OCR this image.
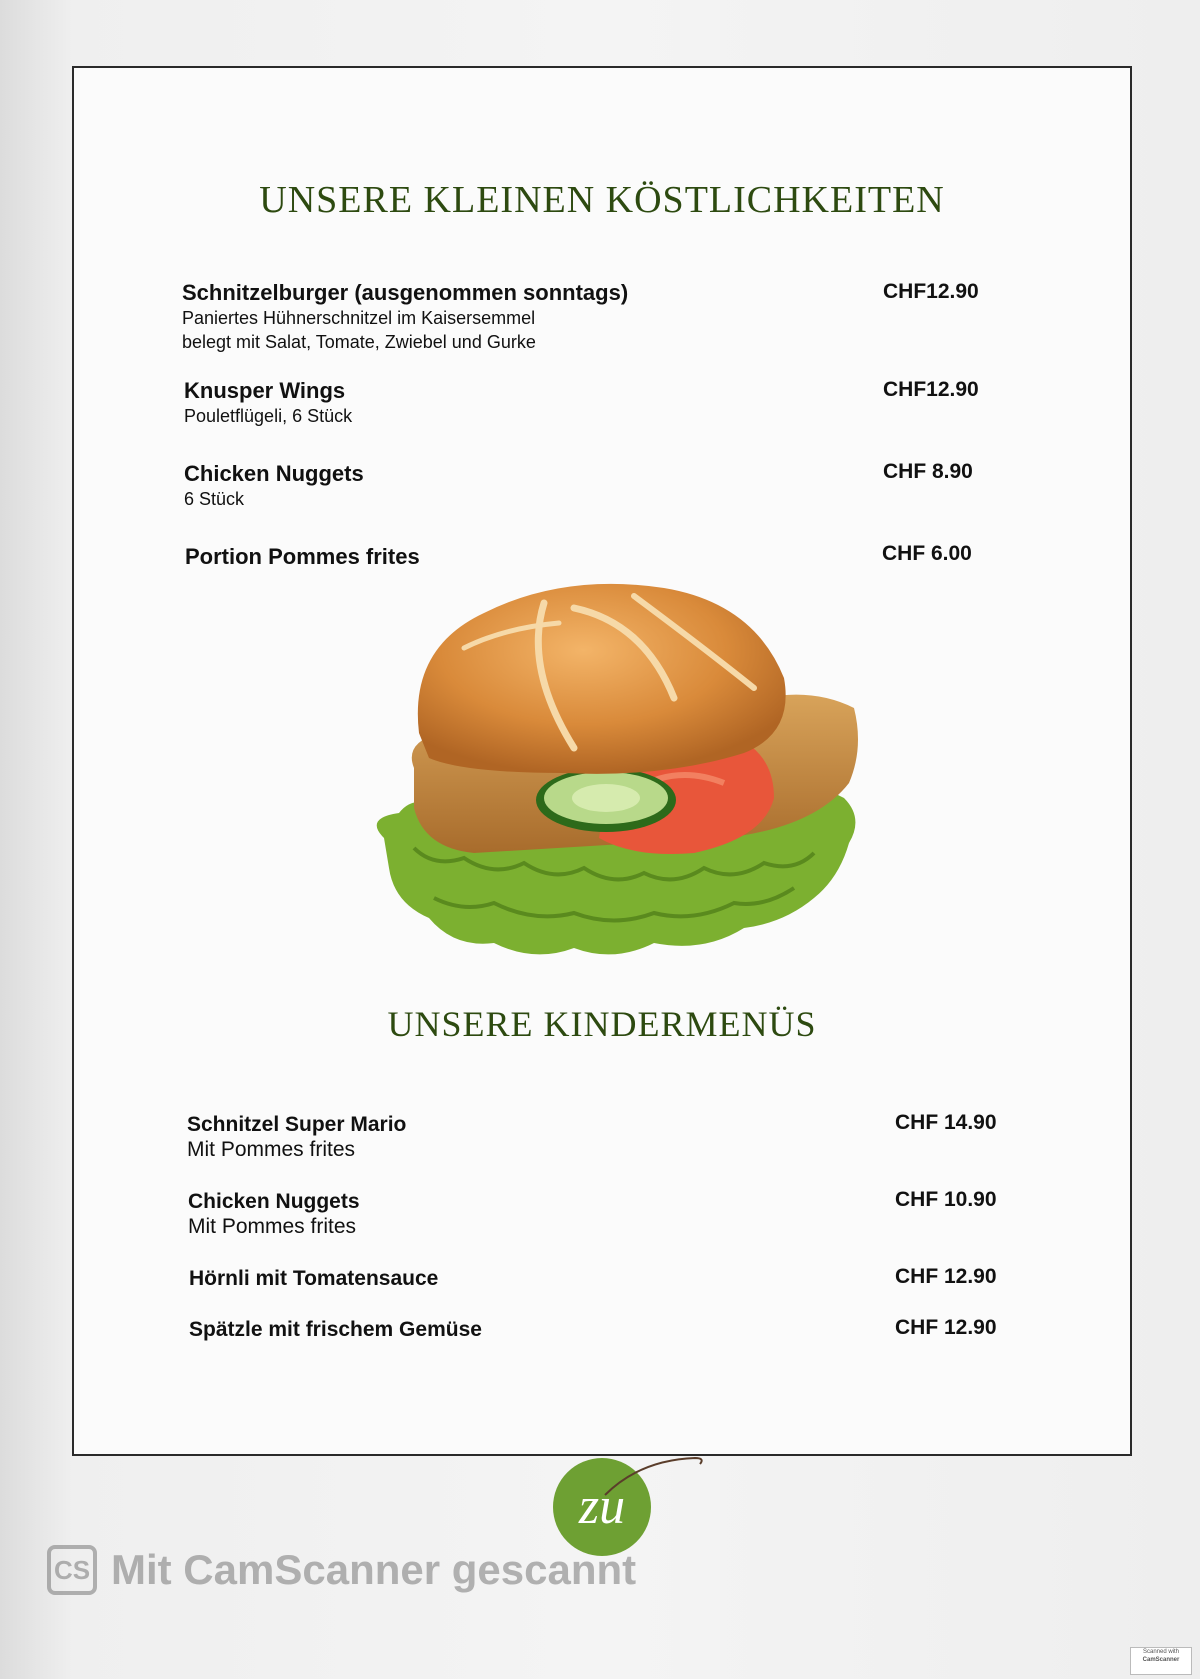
UNSERE KLEINEN KÖSTLICHKEITEN
Schnitzelburger (ausgenommen sonntags)
Paniertes Hühnerschnitzel im Kaisersemmel
belegt mit Salat, Tomate, Zwiebel und Gurke
CHF12.90
Knusper Wings
Pouletflügeli, 6 Stück
CHF12.90
Chicken Nuggets
6 Stück
CHF 8.90
Portion Pommes frites	CHF 6.00
UNSERE KINDERMENÜS
Schnitzel Super Mario
Mit Pommes frites
CHF 14.90
Chicken Nuggets
Mit Pommes frites
CHF 10.90
Hörnli mit Tomatensauce	CHF 12.90
Spätzle mit frischem Gemüse	CHF 12.90
zu
CS Mit CamScanner gescannt
Scanned with
CamScanner
